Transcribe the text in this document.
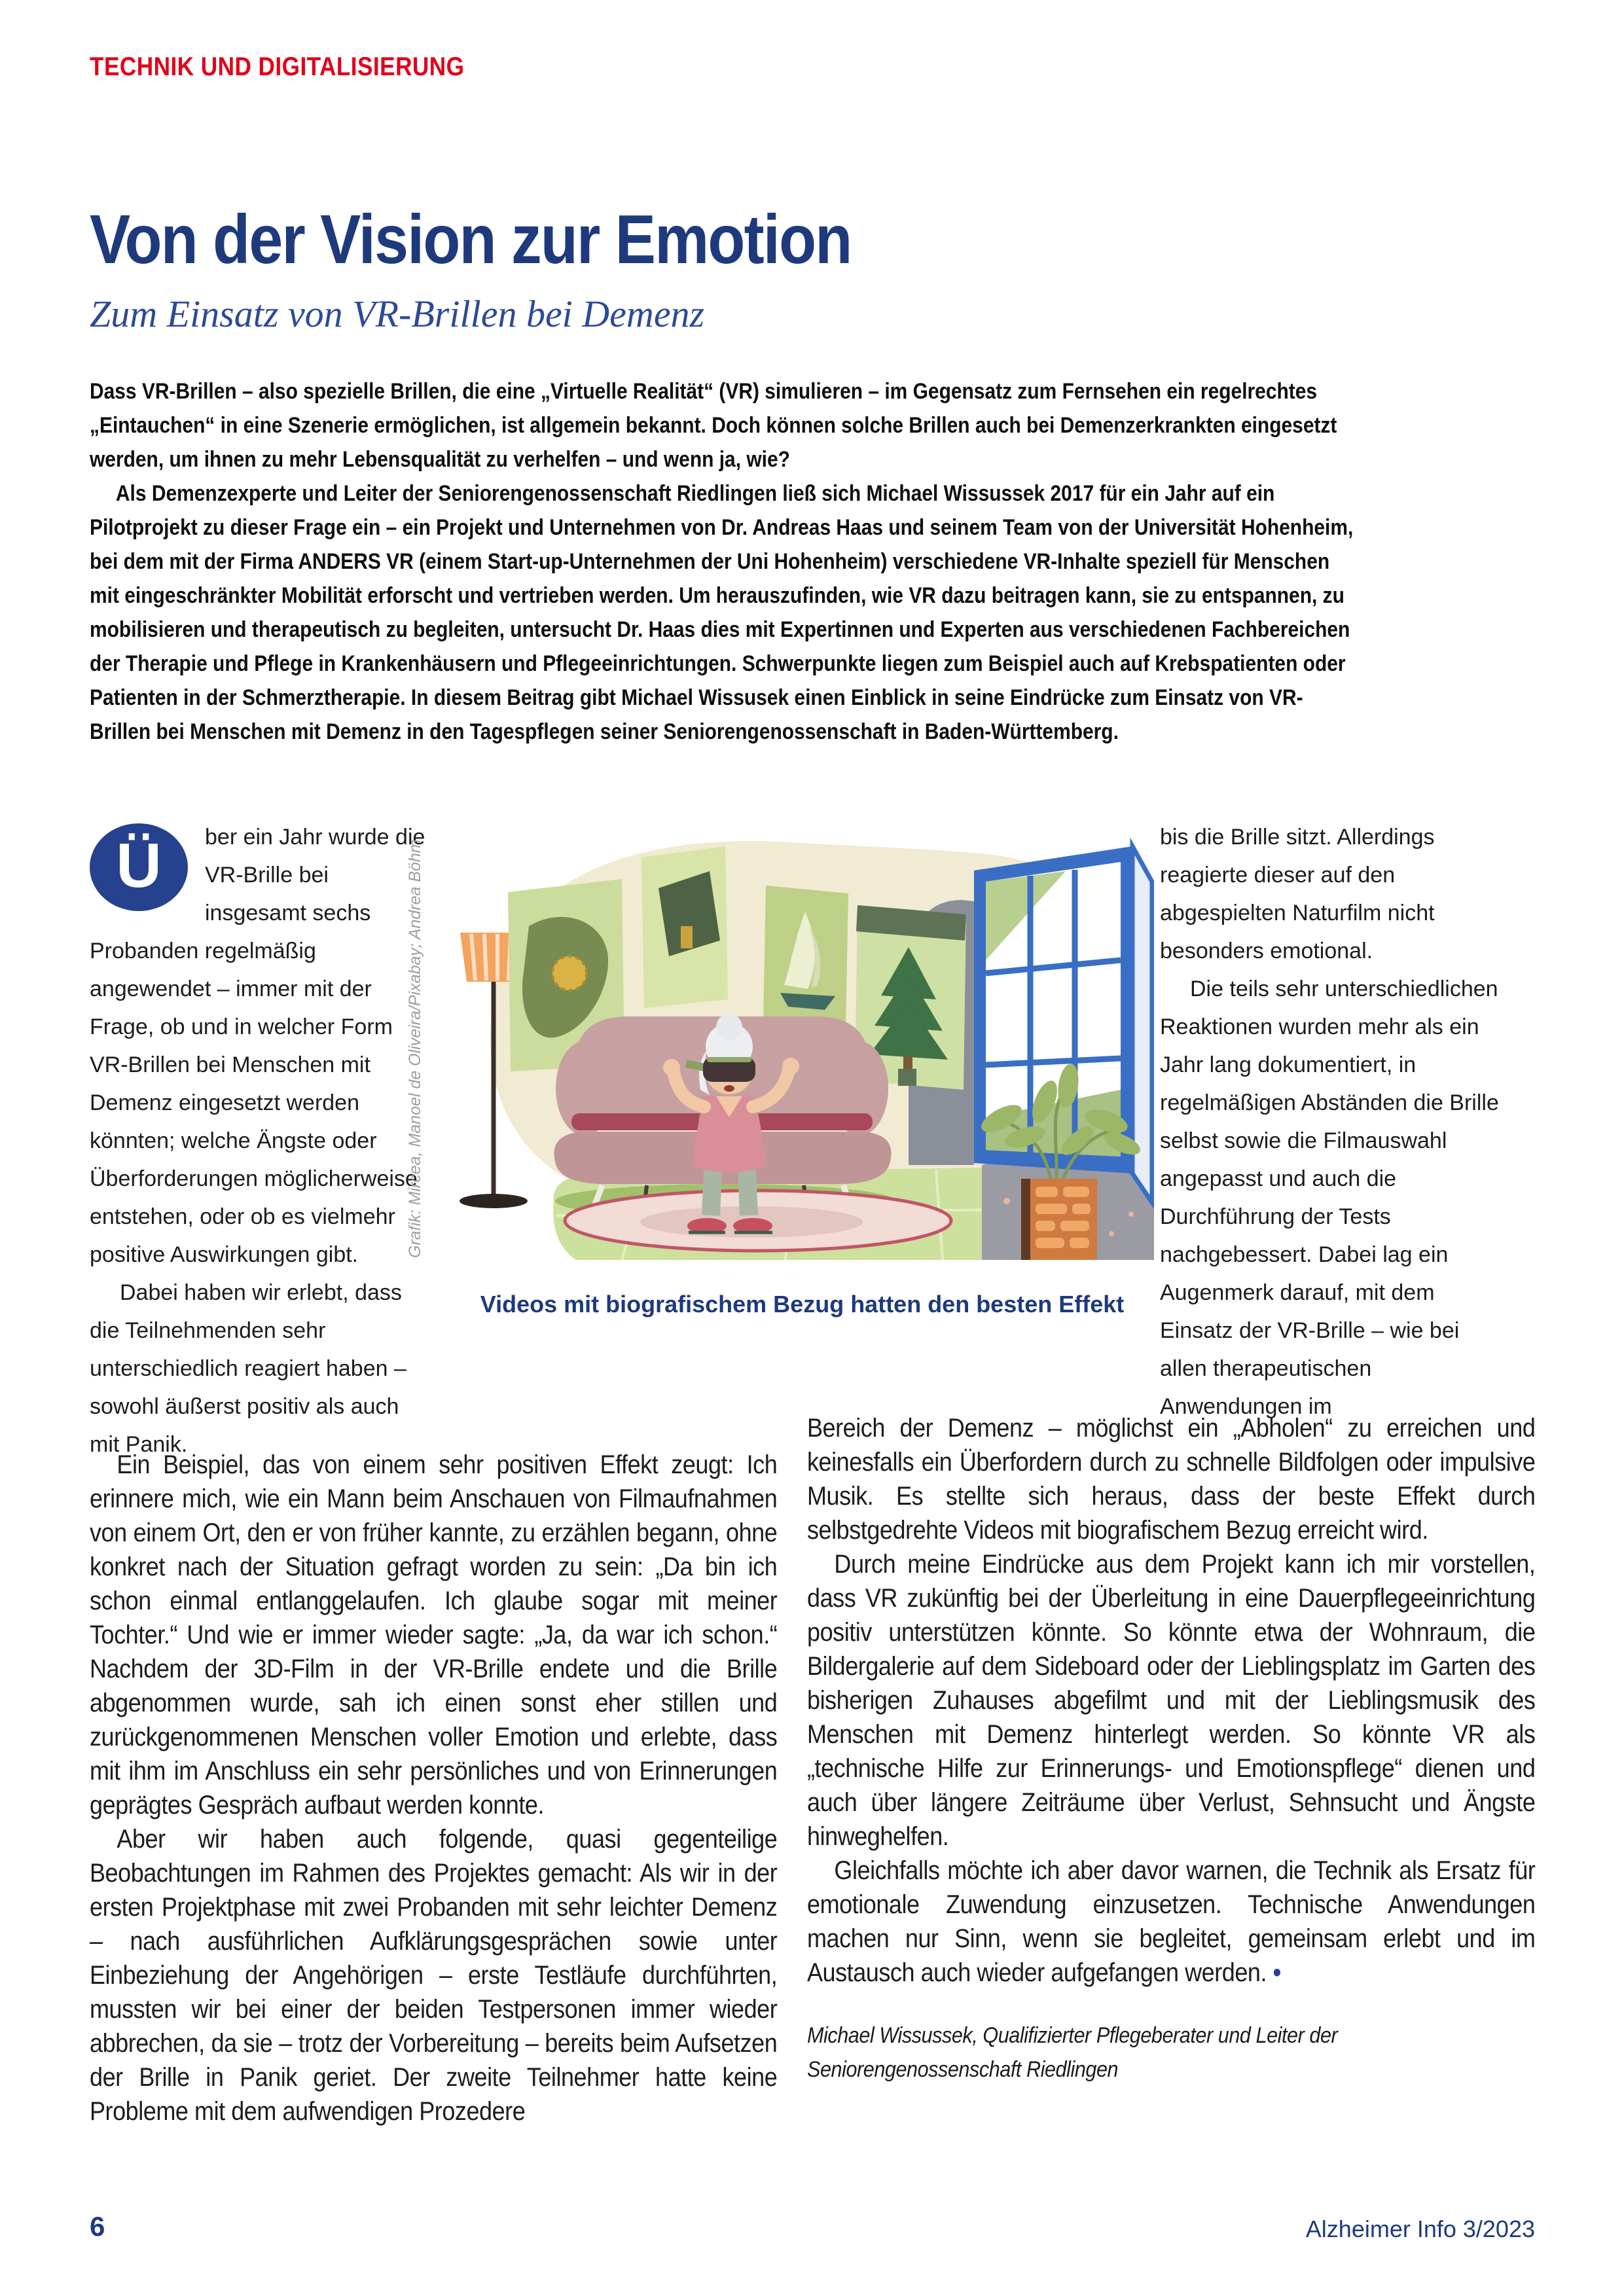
TECHNIK UND DIGITALISIERUNG
Von der Vision zur Emotion
Zum Einsatz von VR-Brillen bei Demenz

Dass VR-Brillen – also spezielle Brillen, die eine „Virtuelle Realität“ (VR) simulieren – im Gegensatz zum Fernsehen ein regelrechtes „Eintauchen“ in eine Szenerie ermöglichen, ist allgemein bekannt. Doch können solche Brillen auch bei Demenzerkrankten eingesetzt werden, um ihnen zu mehr Lebensqualität zu verhelfen – und wenn ja, wie?

Als Demenzexperte und Leiter der Seniorengenossenschaft Riedlingen ließ sich Michael Wissussek 2017 für ein Jahr auf ein Pilotprojekt zu dieser Frage ein – ein Projekt und Unternehmen von Dr. Andreas Haas und seinem Team von der Universität Hohenheim, bei dem mit der Firma ANDERS VR (einem Start-up-Unternehmen der Uni Hohenheim) verschiedene VR-Inhalte speziell für Menschen mit eingeschränkter Mobilität erforscht und vertrieben werden. Um herauszufinden, wie VR dazu beitragen kann, sie zu entspannen, zu mobilisieren und therapeutisch zu begleiten, untersucht Dr. Haas dies mit Expertinnen und Experten aus verschiedenen Fachbereichen der Therapie und Pflege in Krankenhäusern und Pflegeeinrichtungen. Schwerpunkte liegen zum Beispiel auch auf Krebspatienten oder Patienten in der Schmerztherapie. In diesem Beitrag gibt Michael Wissusek einen Einblick in seine Eindrücke zum Einsatz von VR-Brillen bei Menschen mit Demenz in den Tagespflegen seiner Seniorengenossenschaft in Baden-Württemberg.

Ü	ber ein Jahr wurde die VR-Brille bei insgesamt sechs Probanden regelmäßig angewendet – immer mit der Frage, ob und in welcher Form VR-Brillen bei Menschen mit Demenz eingesetzt werden könnten; welche Ängste oder Überforderungen möglicherweise entstehen, oder ob es vielmehr positive Auswirkungen gibt.

Dabei haben wir erlebt, dass die Teilnehmenden sehr unterschiedlich reagiert haben – sowohl äußerst positiv als auch mit Panik.

bis die Brille sitzt. Allerdings reagierte dieser auf den abgespielten Naturfilm nicht besonders emotional.

Die teils sehr unterschiedlichen Reaktionen wurden mehr als ein Jahr lang dokumentiert, in regelmäßigen Abständen die Brille selbst sowie die Filmauswahl angepasst und auch die Durchführung der Tests nachgebessert. Dabei lag ein Augenmerk darauf, mit dem Einsatz der VR-Brille – wie bei allen therapeutischen Anwendungen im

Ein Beispiel, das von einem sehr positiven Effekt zeugt: Ich erinnere mich, wie ein Mann beim Anschauen von Filmaufnahmen von einem Ort, den er von früher kannte, zu erzählen begann, ohne konkret nach der Situation gefragt worden zu sein: „Da bin ich schon einmal entlanggelaufen. Ich glaube sogar mit meiner Tochter.“ Und wie er immer wieder sagte: „Ja, da war ich schon.“ Nachdem der 3D-Film in der VR-Brille endete und die Brille abgenommen wurde, sah ich einen sonst eher stillen und zurückgenommenen Menschen voller Emotion und erlebte, dass mit ihm im Anschluss ein sehr persönliches und von Erinnerungen geprägtes Gespräch aufbaut werden konnte.

Aber wir haben auch folgende, quasi gegenteilige Beobachtungen im Rahmen des Projektes gemacht: Als wir in der ersten Projektphase mit zwei Probanden mit sehr leichter Demenz – nach ausführlichen Aufklärungsgesprächen sowie unter Einbeziehung der Angehörigen – erste Testläufe durchführten, mussten wir bei einer der beiden Testpersonen immer wieder abbrechen, da sie – trotz der Vorbereitung – bereits beim Aufsetzen der Brille in Panik geriet. Der zweite Teilnehmer hatte keine Probleme mit dem aufwendigen Prozedere

Bereich der Demenz – möglichst ein „Abholen“ zu erreichen und keinesfalls ein Überfordern durch zu schnelle Bildfolgen oder impulsive Musik. Es stellte sich heraus, dass der beste Effekt durch selbstgedrehte Videos mit biografischem Bezug erreicht wird.

Durch meine Eindrücke aus dem Projekt kann ich mir vorstellen, dass VR zukünftig bei der Überleitung in eine Dauerpflegeeinrichtung positiv unterstützen könnte. So könnte etwa der Wohnraum, die Bildergalerie auf dem Sideboard oder der Lieblingsplatz im Garten des bisherigen Zuhauses abgefilmt und mit der Lieblingsmusik des Menschen mit Demenz hinterlegt werden. So könnte VR als „technische Hilfe zur Erinnerungs- und Emotionspflege“ dienen und auch über längere Zeiträume über Verlust, Sehnsucht und Ängste hinweghelfen.

Gleichfalls möchte ich aber davor warnen, die Technik als Ersatz für emotionale Zuwendung einzusetzen. Technische Anwendungen machen nur Sinn, wenn sie begleitet, gemeinsam erlebt und im Austausch auch wieder aufgefangen werden. •

Michael Wissussek, Qualifizierter Pflegeberater und Leiter der Seniorengenossenschaft Riedlingen

Grafik: Mircea, Manoel de Oliveira/Pixabay; Andrea Böhm
Videos mit biografischem Bezug hatten den besten Effekt
6	Alzheimer Info 3/2023
